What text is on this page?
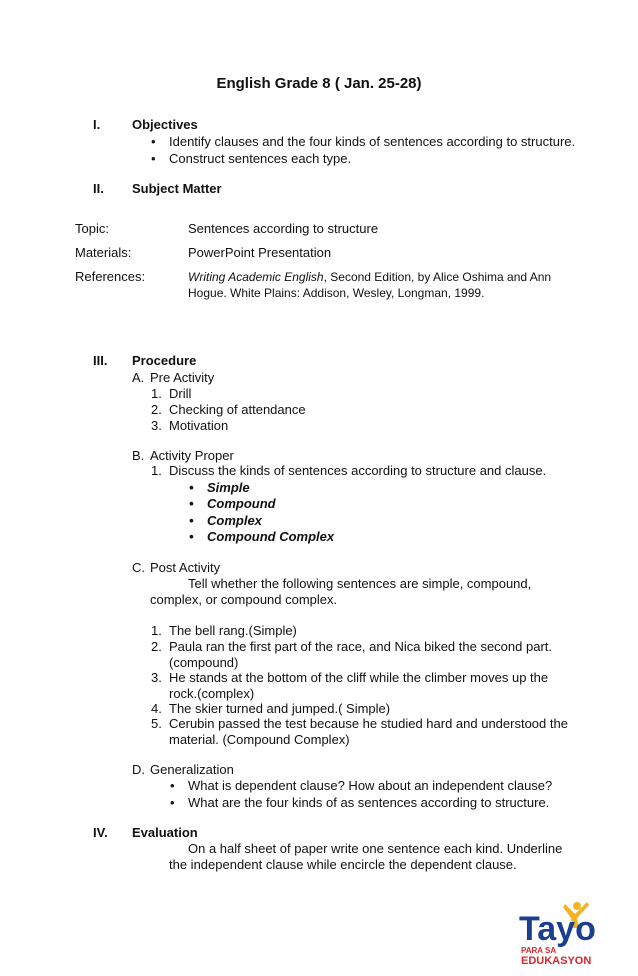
English Grade 8 ( Jan. 25-28)
I. Objectives
• Identify clauses and the four kinds of sentences according to structure.
• Construct sentences each type.
II. Subject Matter
Topic:	Sentences according to structure
Materials:	PowerPoint Presentation
References:	Writing Academic English, Second Edition, by Alice Oshima and Ann
Hogue. White Plains: Addison, Wesley, Longman, 1999.
III. Procedure
A. Pre Activity
1. Drill
2. Checking of attendance
3. Motivation
B. Activity Proper
1. Discuss the kinds of sentences according to structure and clause.
• Simple
• Compound
• Complex
• Compound Complex
C. Post Activity
Tell whether the following sentences are simple, compound,
complex, or compound complex.
1. The bell rang.(Simple)
2. Paula ran the first part of the race, and Nica biked the second part.
(compound)
3. He stands at the bottom of the cliff while the climber moves up the
rock.(complex)
4. The skier turned and jumped.( Simple)
5. Cerubin passed the test because he studied hard and understood the
material. (Compound Complex)
D. Generalization
• What is dependent clause? How about an independent clause?
• What are the four kinds of as sentences according to structure.
IV. Evaluation
On a half sheet of paper write one sentence each kind. Underline
the independent clause while encircle the dependent clause.
Tayo
PARA SA
EDUKASYON
